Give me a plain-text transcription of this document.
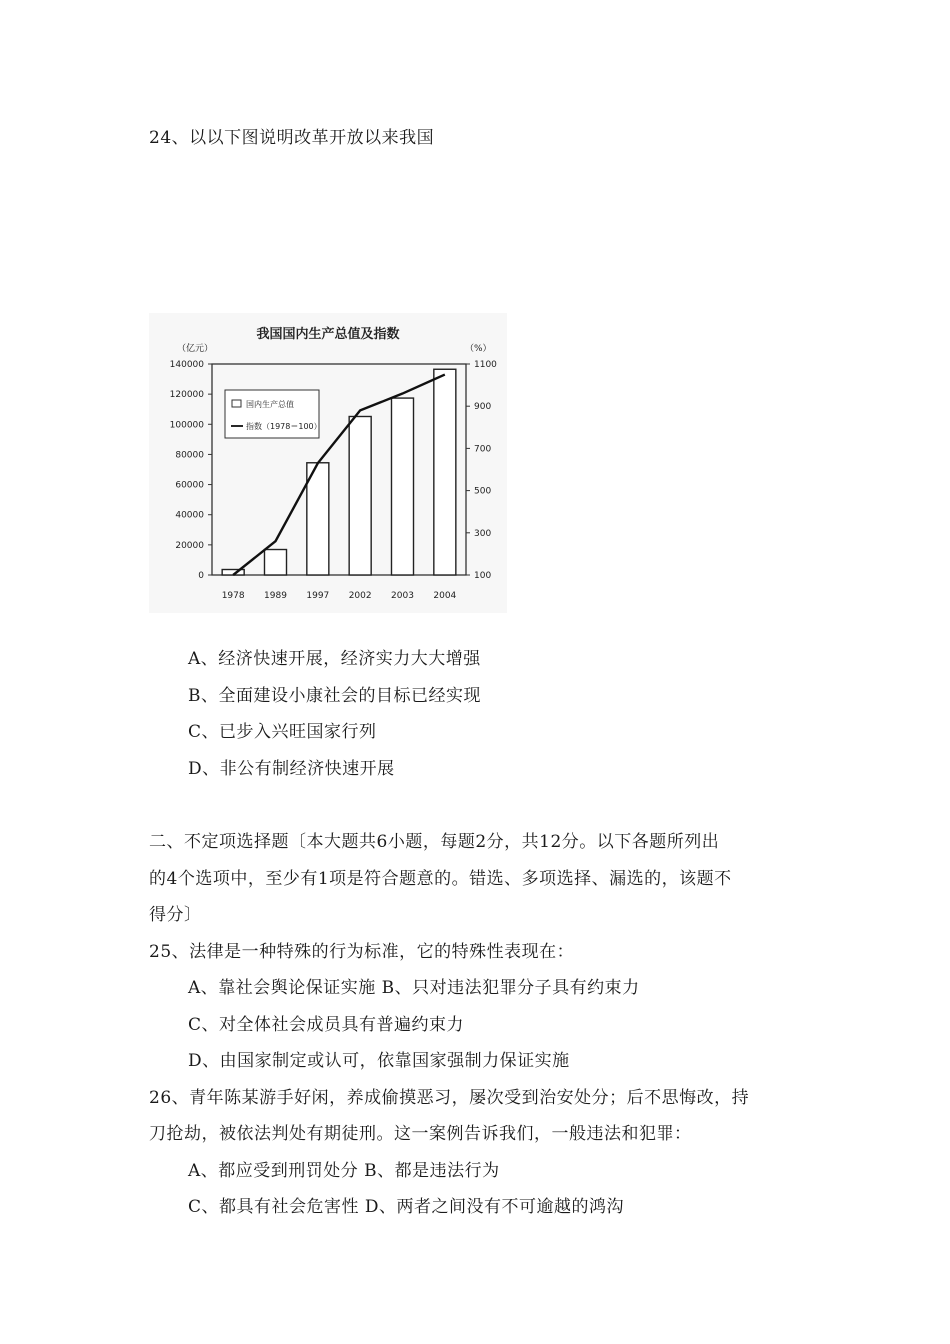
24、以以下图说明改革开放以来我国
我国国内生产总值及指数
（亿元）	（%）
0
20000
40000
60000
80000
100000
120000
140000
100
300
500
700
900
1100
1978 1989 1997 2002 2003 2004
国内生产总值
指数（1978＝100）
A、经济快速开展，经济实力大大增强
B、全面建设小康社会的目标已经实现
C、已步入兴旺国家行列
D、非公有制经济快速开展
二、不定项选择题〔本大题共6小题，每题2分，共12分。以下各题所列出
的4个选项中，至少有1项是符合题意的。错选、多项选择、漏选的，该题不
得分〕
25、法律是一种特殊的行为标准，它的特殊性表现在：
A、靠社会舆论保证实施 B、只对违法犯罪分子具有约束力
C、对全体社会成员具有普遍约束力
D、由国家制定或认可，依靠国家强制力保证实施
26、青年陈某游手好闲，养成偷摸恶习，屡次受到治安处分；后不思悔改，持
刀抢劫，被依法判处有期徒刑。这一案例告诉我们，一般违法和犯罪：
A、都应受到刑罚处分 B、都是违法行为
C、都具有社会危害性 D、两者之间没有不可逾越的鸿沟
